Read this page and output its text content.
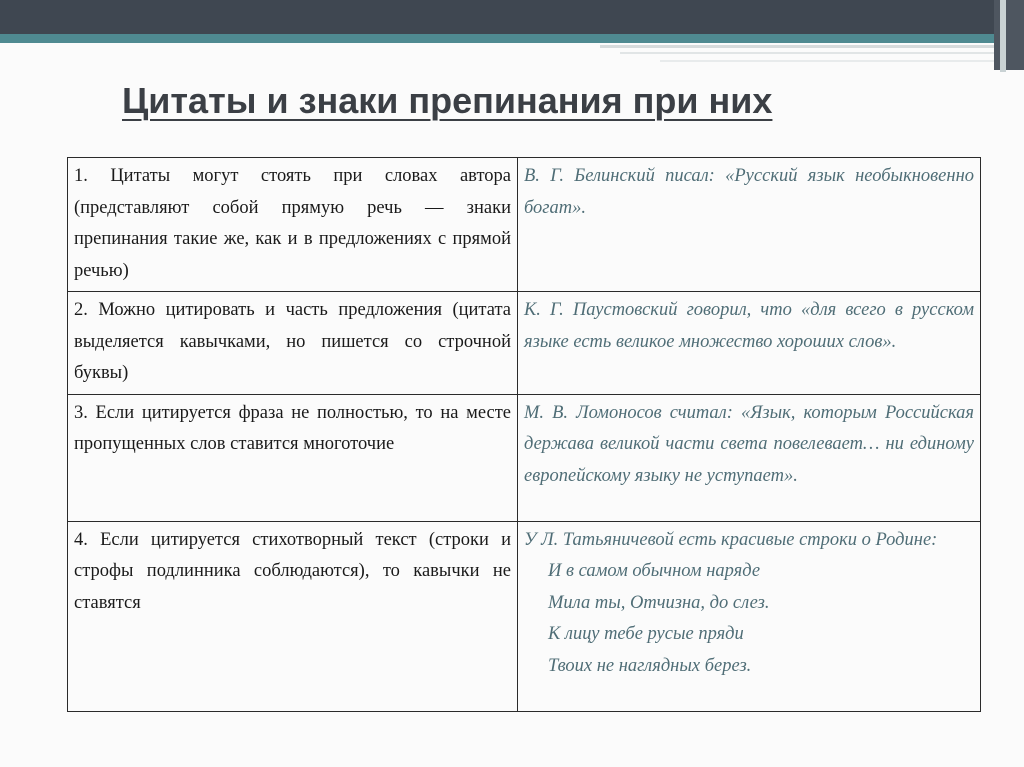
Цитаты и знаки препинания при них
1. Цитаты могут стоять при словах автора (представляют собой прямую речь — знаки препинания такие же, как и в предложениях с прямой речью)	В. Г. Белинский писал: «Русский язык необыкновенно богат».
2. Можно цитировать и часть предложения (цитата выделяется кавычками, но пишется со строчной буквы)	К. Г. Паустовский говорил, что «для всего в русском языке есть великое множество хороших слов».
3. Если цитируется фраза не полностью, то на месте пропущенных слов ставится многоточие	М. В. Ломоносов считал: «Язык, которым Российская держава великой части света повелевает… ни единому европейскому языку не уступает».
4. Если цитируется стихотворный текст (строки и строфы подлинника соблюдаются), то кавычки не ставятся	У Л. Татьяничевой есть красивые строки о Родине:
И в самом обычном наряде
Мила ты, Отчизна, до слез.
К лицу тебе русые пряди
Твоих не наглядных берез.
